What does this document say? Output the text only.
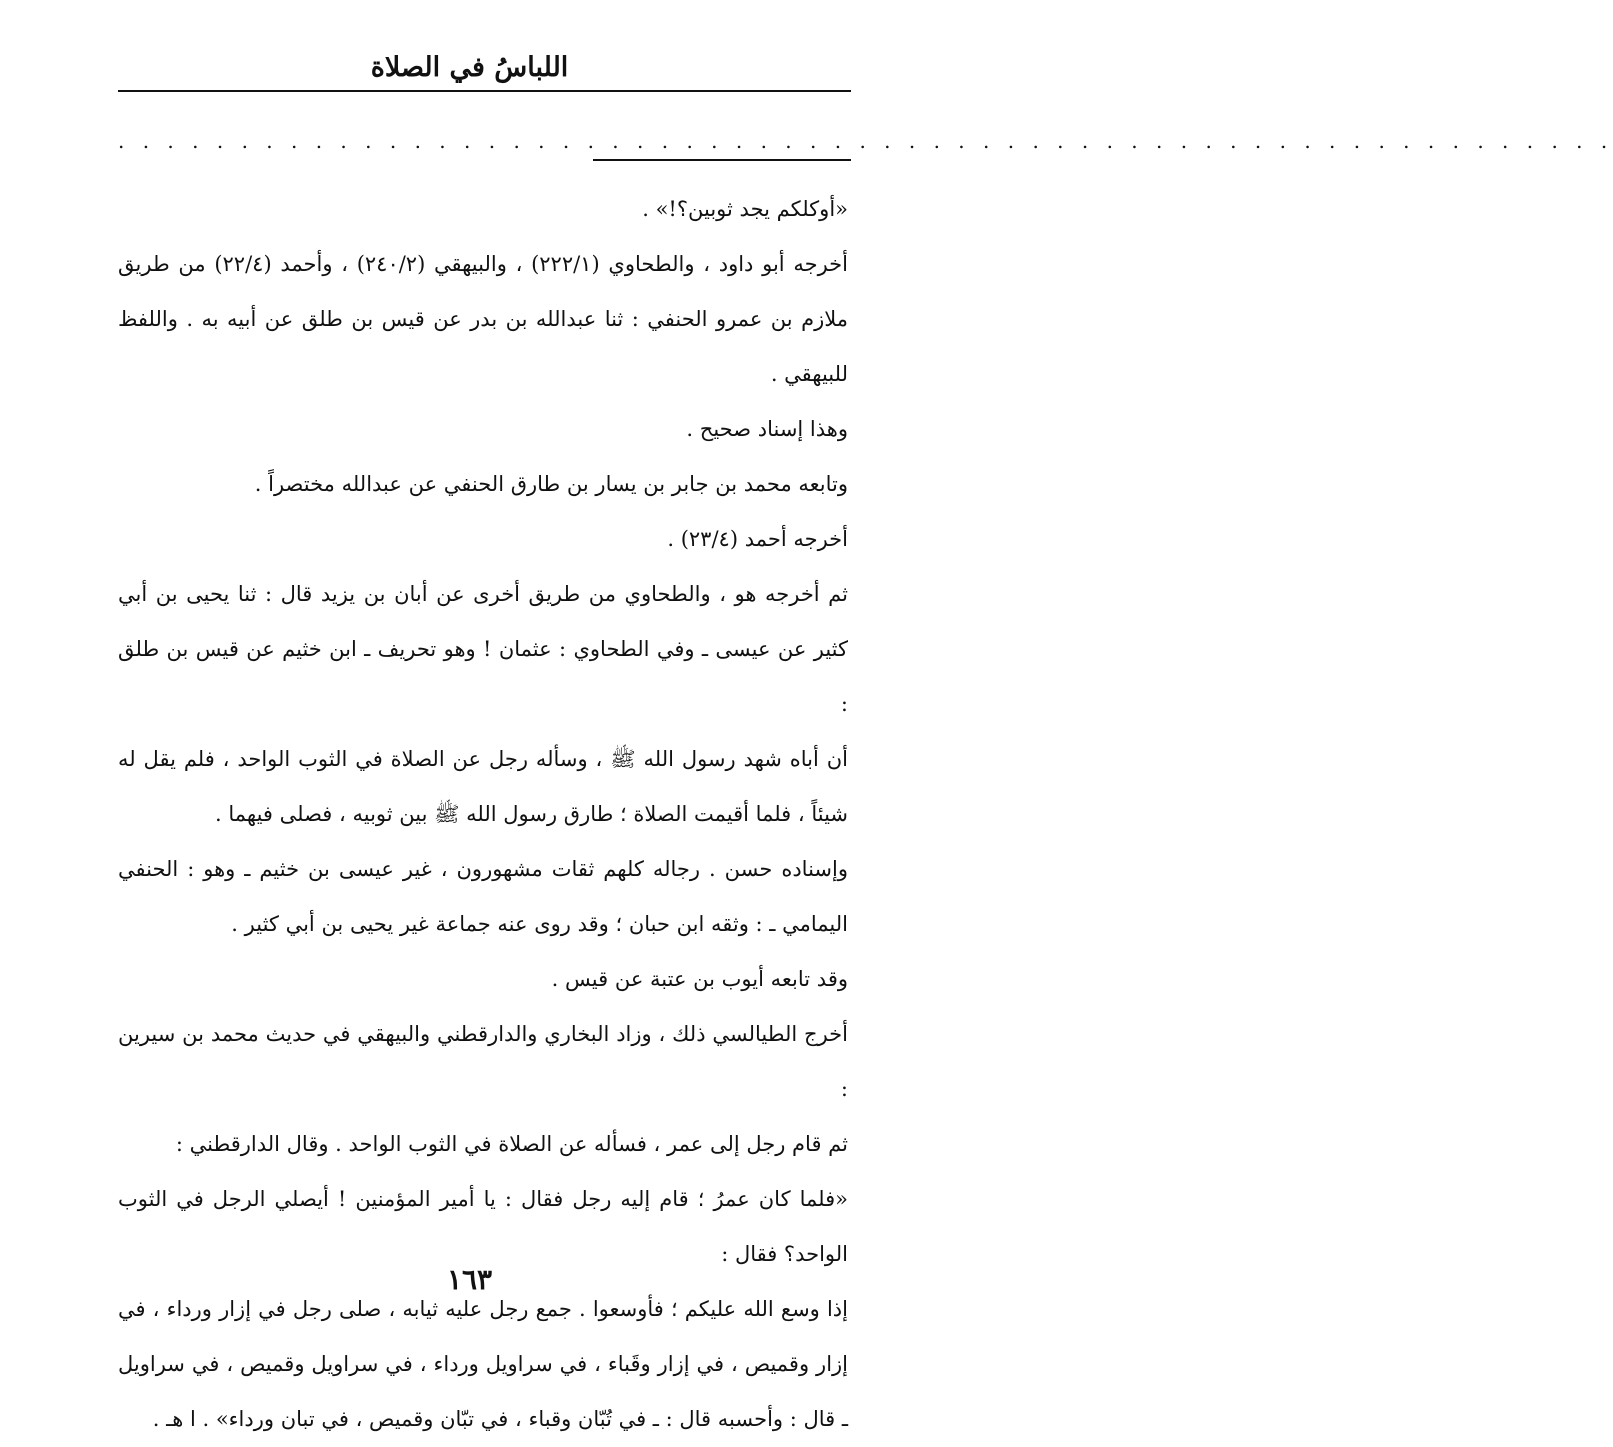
اللباسُ في الصلاة
. . . . . . . . . . . . . . . . . . . . . . . . . . . . . . . . . . . . . . . . . . . . . . . . . . . . . . . . . . . . .

«أوكلكم يجد ثوبين؟!» .

أخرجه أبو داود ، والطحاوي (٢٢٢/١) ، والبيهقي (٢٤٠/٢) ، وأحمد (٢٢/٤) من طريق ملازم بن عمرو الحنفي : ثنا عبدالله بن بدر عن قيس بن طلق عن أبيه به . واللفظ للبيهقي .

وهذا إسناد صحيح .

وتابعه محمد بن جابر بن يسار بن طارق الحنفي عن عبدالله مختصراً .

أخرجه أحمد (٢٣/٤) .

ثم أخرجه هو ، والطحاوي من طريق أخرى عن أبان بن يزيد قال : ثنا يحيى بن أبي كثير عن عيسى ـ وفي الطحاوي : عثمان ! وهو تحريف ـ ابن خثيم عن قيس بن طلق :

أن أباه شهد رسول الله ﷺ ، وسأله رجل عن الصلاة في الثوب الواحد ، فلم يقل له شيئاً ، فلما أقيمت الصلاة ؛ طارق رسول الله ﷺ بين ثوبيه ، فصلى فيهما .

وإسناده حسن . رجاله كلهم ثقات مشهورون ، غير عيسى بن خثيم ـ وهو : الحنفي اليمامي ـ : وثقه ابن حبان ؛ وقد روى عنه جماعة غير يحيى بن أبي كثير .

وقد تابعه أيوب بن عتبة عن قيس .

أخرج الطيالسي ذلك ، وزاد البخاري والدارقطني والبيهقي في حديث محمد بن سيرين :

ثم قام رجل إلى عمر ، فسأله عن الصلاة في الثوب الواحد . وقال الدارقطني :

«فلما كان عمرُ ؛ قام إليه رجل فقال : يا أمير المؤمنين ! أيصلي الرجل في الثوب الواحد؟ فقال :

إذا وسع الله عليكم ؛ فأوسعوا . جمع رجل عليه ثيابه ، صلى رجل في إزار ورداء ، في إزار وقميص ، في إزار وقَباء ، في سراويل ورداء ، في سراويل وقميص ، في سراويل ـ قال : وأحسبه قال : ـ في تُبّان وقباء ، في تبّان وقميص ، في تبان ورداء» . ا هـ .

١٦٣
